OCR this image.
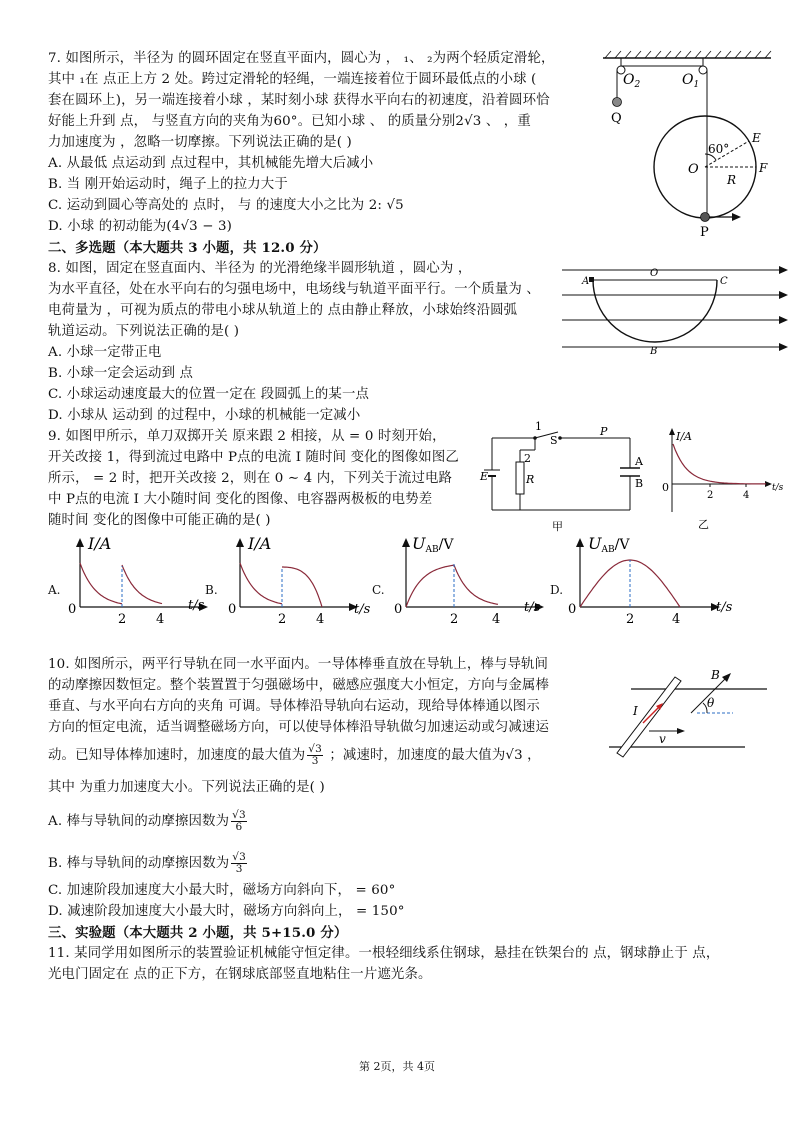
7. 如图所示，半径为 的圆环固定在竖直平面内，圆心为 ， ₁、 ₂为两个轻质定滑轮，
其中 ₁在 点正上方 2 处。跨过定滑轮的轻绳，一端连接着位于圆环最低点的小球 (
套在圆环上)，另一端连接着小球 ，某时刻小球 获得水平向右的初速度，沿着圆环恰
好能上升到 点， 与竖直方向的夹角为60°。已知小球 、 的质量分别2√3 、 ，重
力加速度为 ，忽略一切摩擦。下列说法正确的是( )
A. 从最低 点运动到 点过程中，其机械能先增大后减小
B. 当 刚开始运动时，绳子上的拉力大于
C. 运动到圆心等高处的 点时， 与 的速度大小之比为 2: √5
D. 小球 的初动能为(4√3 − 3)
$O_2$	$O_1$
Q
O
60°
E
R
F
P
二、多选题（本大题共 3 小题，共 12.0 分）
8. 如图，固定在竖直面内、半径为 的光滑绝缘半圆形轨道 ，圆心为 ，
为水平直径，处在水平向右的匀强电场中，电场线与轨道平面平行。一个质量为 、
电荷量为 ，可视为质点的带电小球从轨道上的 点由静止释放，小球始终沿圆弧
轨道运动。下列说法正确的是( )
A. 小球一定带正电
B. 小球一定会运动到 点
C. 小球运动速度最大的位置一定在 段圆弧上的某一点
D. 小球从 运动到 的过程中，小球的机械能一定减小
A
O
C
B
9. 如图甲所示，单刀双掷开关 原来跟 2 相接，从 = 0 时刻开始，
开关改接 1，得到流过电路中 P点的电流 I 随时间 变化的图像如图乙
所示， = 2 时，把开关改接 2，则在 0 ∼ 4 内，下列关于流过电路
中 P点的电流 I 大小随时间 变化的图像、电容器两极板的电势差
随时间 变化的图像中可能正确的是( )
1
S
P
2
E	R
A
B
甲
I/A
0
2	4
t/s
乙
A.
I/A
0
2 4
t/s
B.
I/A
0
2 4
t/s
C.
UAB/V
0
2	4
t/s
D.
UAB/V
0
2	4
t/s
10. 如图所示，两平行导轨在同一水平面内。一导体棒垂直放在导轨上，棒与导轨间
的动摩擦因数恒定。整个装置置于匀强磁场中，磁感应强度大小恒定，方向与金属棒
垂直、与水平向右方向的夹角 可调。导体棒沿导轨向右运动，现给导体棒通以图示
方向的恒定电流，适当调整磁场方向，可以使导体棒沿导轨做匀加速运动或匀减速运
动。已知导体棒加速时，加速度的最大值为 $\frac{√3}{3}$ ；减速时，加速度的最大值为√3 ，
其中 为重力加速度大小。下列说法正确的是( )
A. 棒与导轨间的动摩擦因数为 $\frac{√3}{6}$
B. 棒与导轨间的动摩擦因数为 $\frac{√3}{3}$
C. 加速阶段加速度大小最大时，磁场方向斜向下， = 60°
D. 减速阶段加速度大小最大时，磁场方向斜向上， = 150°
B
I
v
θ
三、实验题（本大题共 2 小题，共 5+15.0 分）
11. 某同学用如图所示的装置验证机械能守恒定律。一根轻细线系住钢球，悬挂在铁架台的 点，钢球静止于 点，
光电门固定在 点的正下方，在钢球底部竖直地粘住一片遮光条。
第 2页，共 4页
